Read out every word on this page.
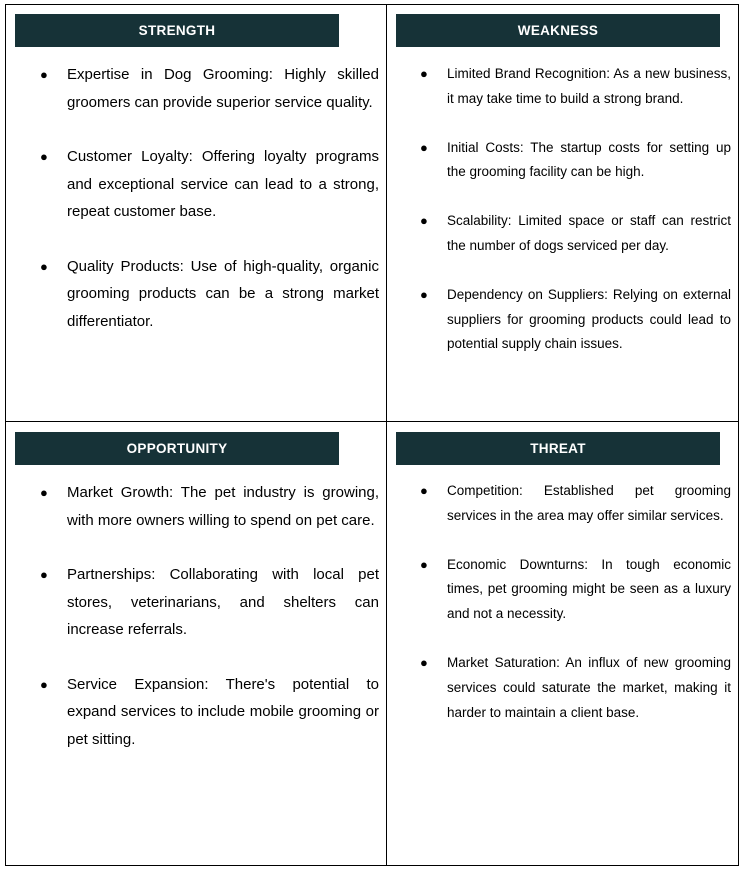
STRENGTH
● Expertise in Dog Grooming: Highly skilled groomers can provide superior service quality.
● Customer Loyalty: Offering loyalty programs and exceptional service can lead to a strong, repeat customer base.
● Quality Products: Use of high-quality, organic grooming products can be a strong market differentiator.
WEAKNESS
● Limited Brand Recognition: As a new business, it may take time to build a strong brand.
● Initial Costs: The startup costs for setting up the grooming facility can be high.
● Scalability: Limited space or staff can restrict the number of dogs serviced per day.
● Dependency on Suppliers: Relying on external suppliers for grooming products could lead to potential supply chain issues.
OPPORTUNITY
● Market Growth: The pet industry is growing, with more owners willing to spend on pet care.
● Partnerships: Collaborating with local pet stores, veterinarians, and shelters can increase referrals.
● Service Expansion: There's potential to expand services to include mobile grooming or pet sitting.
THREAT
● Competition: Established pet grooming services in the area may offer similar services.
● Economic Downturns: In tough economic times, pet grooming might be seen as a luxury and not a necessity.
● Market Saturation: An influx of new grooming services could saturate the market, making it harder to maintain a client base.
